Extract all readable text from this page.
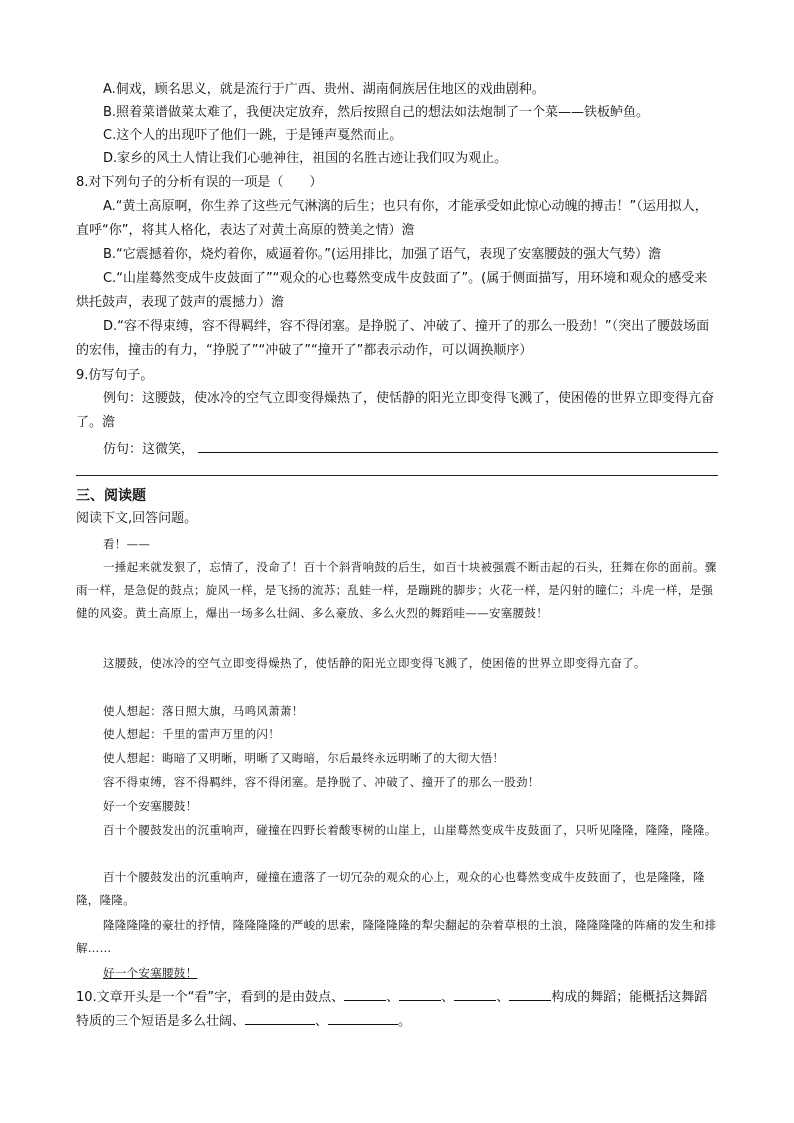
A.侗戏，顾名思义，就是流行于广西、贵州、湖南侗族居住地区的戏曲剧种。
B.照着菜谱做菜太难了，我便决定放弃，然后按照自己的想法如法炮制了一个菜——铁板鲈鱼。
C.这个人的出现吓了他们一跳，于是锤声戛然而止。
D.家乡的风土人情让我们心驰神往，祖国的名胜古迹让我们叹为观止。
8.对下列句子的分析有误的一项是（　　）
A.“黄土高原啊，你生养了这些元气淋漓的后生；也只有你，才能承受如此惊心动魄的搏击！”（运用拟人，直呼“你”，将其人格化，表达了对黄土高原的赞美之情）澹
B.“它震撼着你，烧灼着你，威逼着你。”(运用排比，加强了语气，表现了安塞腰鼓的强大气势）澹
C.“山崖蓦然变成牛皮鼓面了”“观众的心也蓦然变成牛皮鼓面了”。(属于侧面描写，用环境和观众的感受来烘托鼓声，表现了鼓声的震撼力）澹
D.“容不得束缚，容不得羁绊，容不得闭塞。是挣脱了、冲破了、撞开了的那么一股劲！”（突出了腰鼓场面的宏伟，撞击的有力，“挣脱了”“冲破了”“撞开了”都表示动作，可以调换顺序）
9.仿写句子。
例句：这腰鼓，使冰冷的空气立即变得燥热了，使恬静的阳光立即变得飞溅了，使困倦的世界立即变得亢奋了。澹
仿句：这微笑，
三、阅读题
阅读下文,回答问题。
看！——
一捶起来就发狠了，忘情了，没命了！百十个斜背响鼓的后生，如百十块被强震不断击起的石头，狂舞在你的面前。骤雨一样，是急促的鼓点；旋风一样，是飞扬的流苏；乱蛙一样，是蹦跳的脚步；火花一样，是闪射的瞳仁；斗虎一样，是强健的风姿。黄土高原上，爆出一场多么壮阔、多么豪放、多么火烈的舞蹈哇——安塞腰鼓！
这腰鼓，使冰冷的空气立即变得燥热了，使恬静的阳光立即变得飞溅了，使困倦的世界立即变得亢奋了。
使人想起：落日照大旗，马鸣风萧萧！
使人想起：千里的雷声万里的闪！
使人想起：晦暗了又明晰，明晰了又晦暗，尔后最终永远明晰了的大彻大悟！
容不得束缚，容不得羁绊，容不得闭塞。是挣脱了、冲破了、撞开了的那么一股劲！
好一个安塞腰鼓！
百十个腰鼓发出的沉重响声，碰撞在四野长着酸枣树的山崖上，山崖蓦然变成牛皮鼓面了，只听见隆隆，隆隆，隆隆。
百十个腰鼓发出的沉重响声，碰撞在遗落了一切冗杂的观众的心上，观众的心也蓦然变成牛皮鼓面了，也是隆隆，隆隆，隆隆。
隆隆隆隆的豪壮的抒情，隆隆隆隆的严峻的思索，隆隆隆隆的犁尖翻起的杂着草根的土浪，隆隆隆隆的阵痛的发生和排解……
好一个安塞腰鼓！
10.文章开头是一个“看”字，看到的是由鼓点、	、	、	、	构成的舞蹈；能概括这舞蹈特质的三个短语是多么壮阔、	、	。
